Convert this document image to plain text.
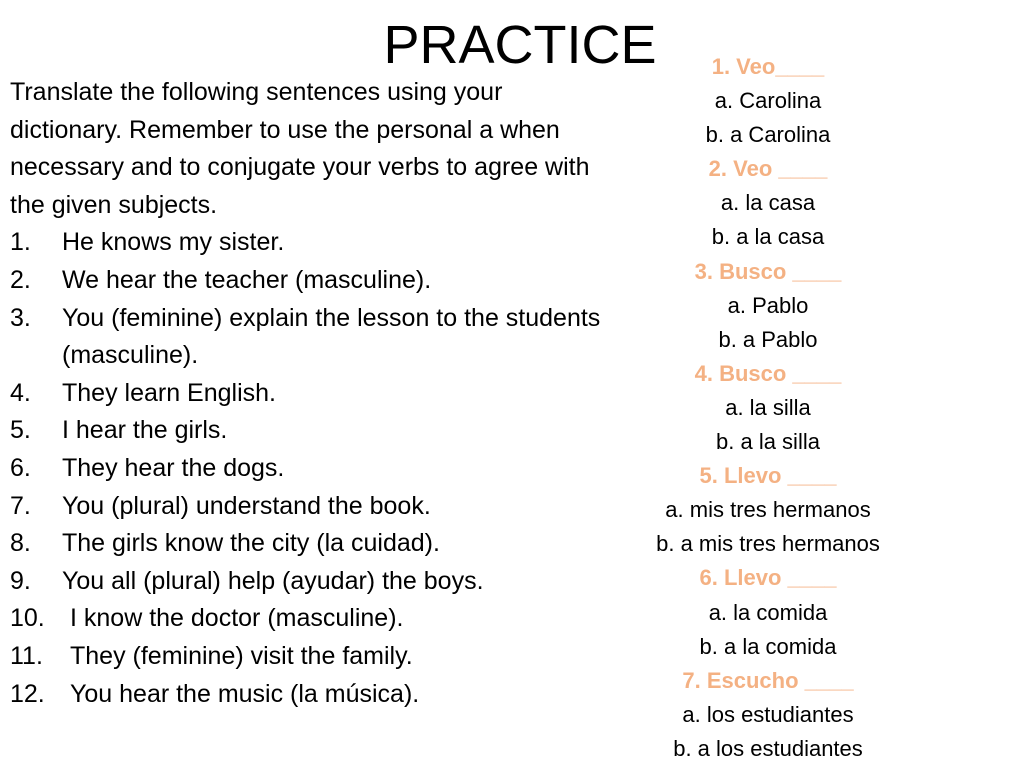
PRACTICE

Translate the following sentences using your dictionary. Remember to use the personal a when necessary and to conjugate your verbs to agree with the given subjects.

1. He knows my sister.
2. We hear the teacher (masculine).
3. You (feminine) explain the lesson to the students (masculine).
4. They learn English.
5. I hear the girls.
6. They hear the dogs.
7. You (plural) understand the book.
8. The girls know the city (la cuidad).
9. You all (plural) help (ayudar) the boys.
10. I know the doctor (masculine).
11. They (feminine) visit the family.
12. You hear the music (la música).
1. Veo____
a. Carolina
b. a Carolina
2. Veo ____
a. la casa
b. a la casa
3. Busco ____
a. Pablo
b. a Pablo
4. Busco ____
a. la silla
b. a la silla
5. Llevo ____
a. mis tres hermanos
b. a mis tres hermanos
6. Llevo ____
a. la comida
b. a la comida
7. Escucho ____
a. los estudiantes
b. a los estudiantes
